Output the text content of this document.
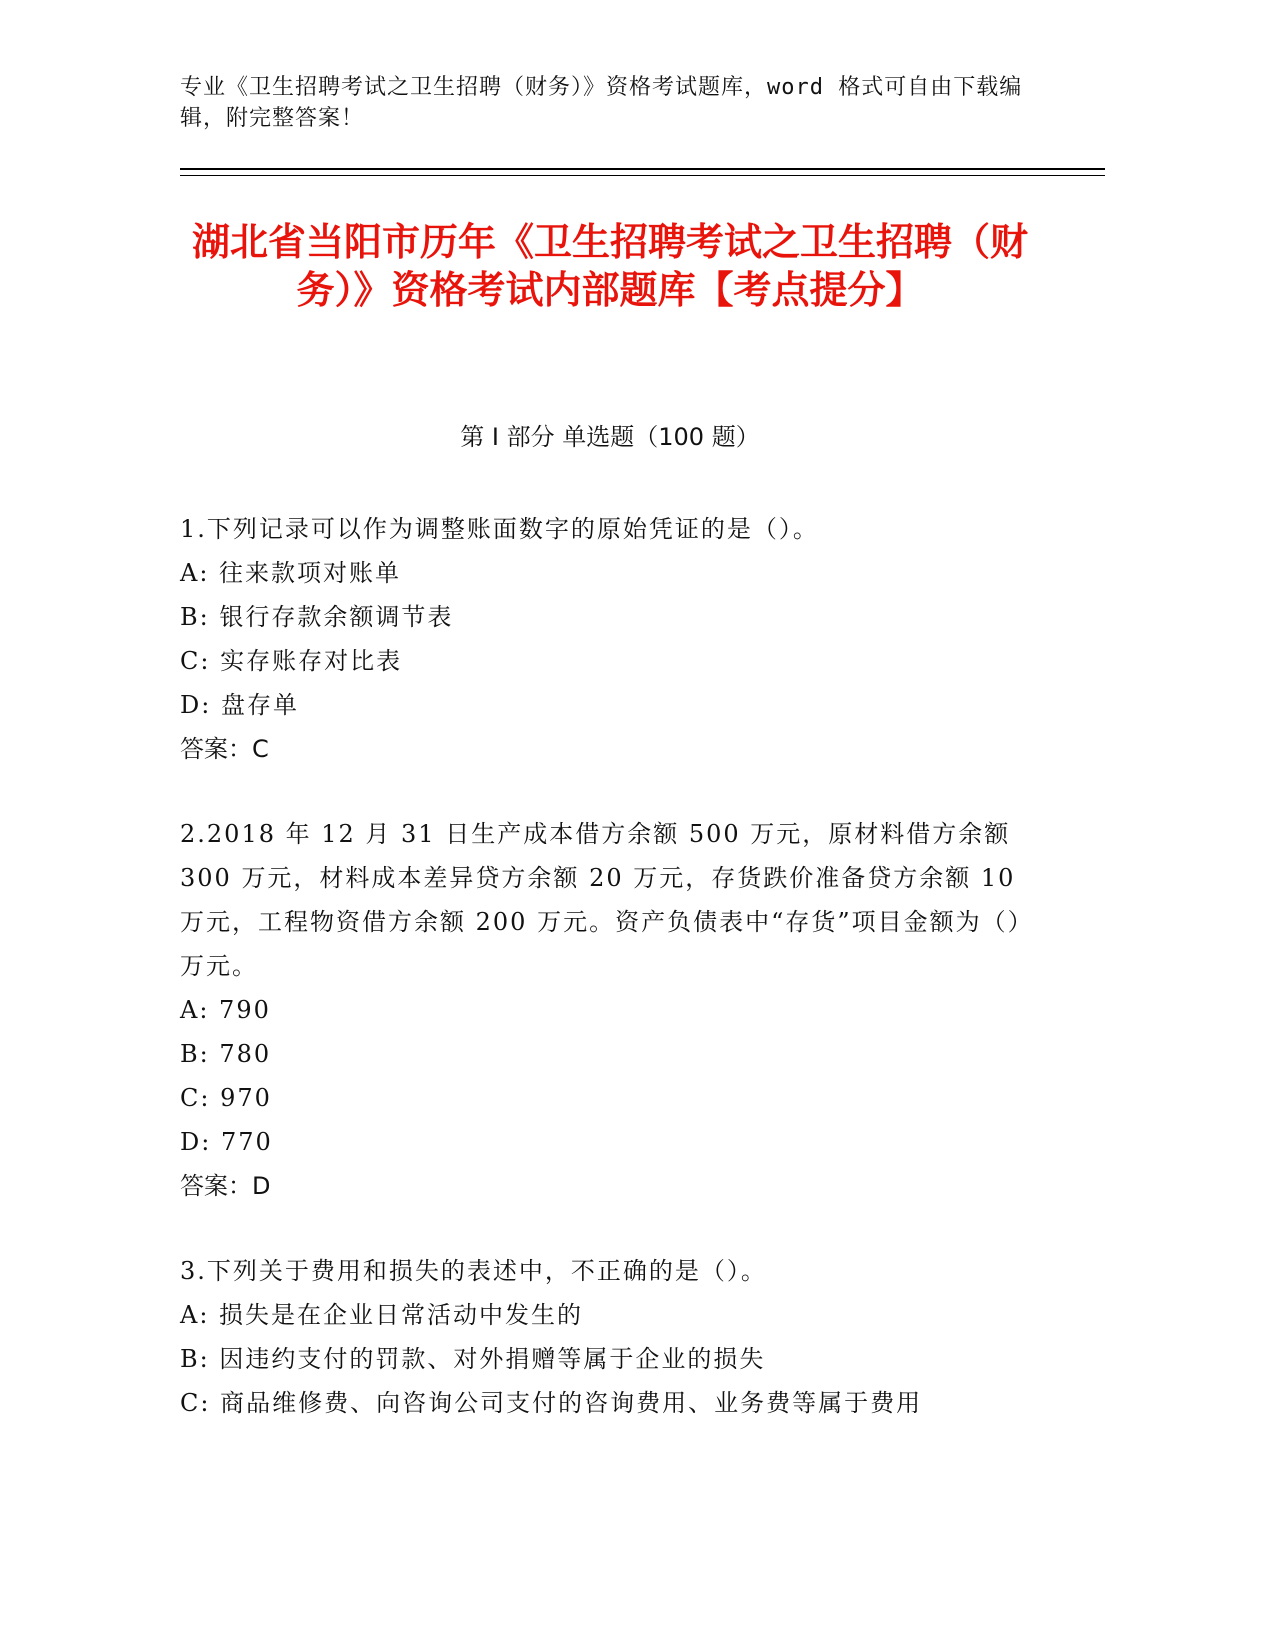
专业《卫生招聘考试之卫生招聘（财务）》资格考试题库，word 格式可自由下载编辑，附完整答案！
湖北省当阳市历年《卫生招聘考试之卫生招聘（财务）》资格考试内部题库【考点提分】
第 I 部分 单选题（100 题）
1.下列记录可以作为调整账面数字的原始凭证的是（）。
A: 往来款项对账单
B: 银行存款余额调节表
C: 实存账存对比表
D: 盘存单
答案：C
2.2018 年 12 月 31 日生产成本借方余额 500 万元，原材料借方余额 300 万元，材料成本差异贷方余额 20 万元，存货跌价准备贷方余额 10 万元，工程物资借方余额 200 万元。资产负债表中“存货”项目金额为（）万元。
A: 790
B: 780
C: 970
D: 770
答案：D
3.下列关于费用和损失的表述中，不正确的是（）。
A: 损失是在企业日常活动中发生的
B: 因违约支付的罚款、对外捐赠等属于企业的损失
C: 商品维修费、向咨询公司支付的咨询费用、业务费等属于费用
